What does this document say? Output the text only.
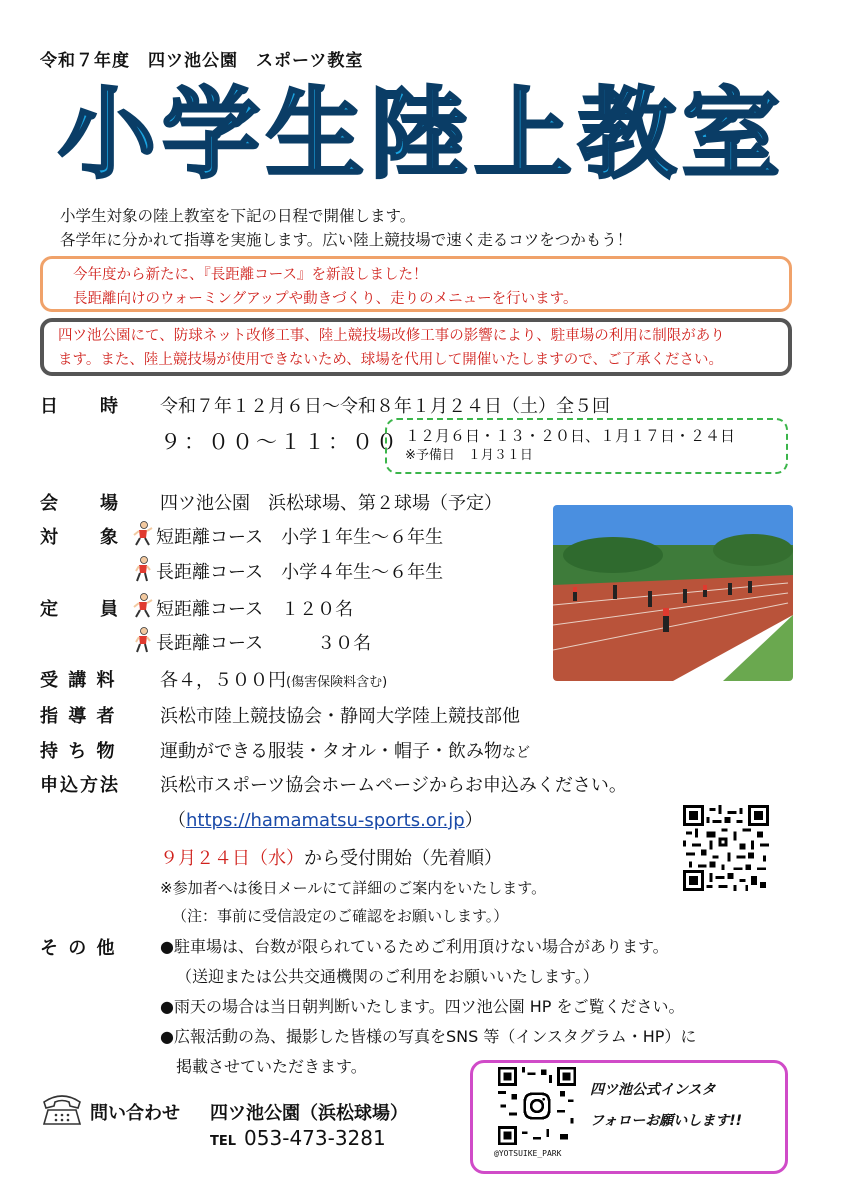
令和７年度　四ツ池公園　スポーツ教室
小学生陸上教室
小学生対象の陸上教室を下記の日程で開催します。
各学年に分かれて指導を実施します。広い陸上競技場で速く走るコツをつかもう！
今年度から新たに、『長距離コース』を新設しました！
長距離向けのウォーミングアップや動きづくり、走りのメニューを行います。
四ツ池公園にて、防球ネット改修工事、陸上競技場改修工事の影響により、駐車場の利用に制限があり
ます。また、陸上競技場が使用できないため、球場を代用して開催いたしますので、ご了承ください。
日　　時 令和７年１２月６日～令和８年１月２４日（土）全５回
９：００～１１：００ １２月６日・１３・２０日、１月１７日・２４日
※予備日　１月３１日
会　　場 四ツ池公園　浜松球場、第２球場（予定）
対　　象	短距離コース　小学１年生～６年生
長距離コース　小学４年生～６年生
定　　員	短距離コース　１２０名
長距離コース　　　３０名
受 講 料 各４，５００円(傷害保険料含む)
指 導 者 浜松市陸上競技協会・静岡大学陸上競技部他
持 ち 物 運動ができる服装・タオル・帽子・飲み物など
申込方法 浜松市スポーツ協会ホームページからお申込みください。
（https://hamamatsu-sports.or.jp）
９月２４日（水）から受付開始（先着順）
※参加者へは後日メールにて詳細のご案内をいたします。
（注：事前に受信設定のご確認をお願いします。）
そ の 他	●駐車場は、台数が限られているためご利用頂けない場合があります。
（送迎または公共交通機関のご利用をお願いいたします。）
●雨天の場合は当日朝判断いたします。四ツ池公園 HP をご覧ください。
●広報活動の為、撮影した皆様の写真をSNS 等（インスタグラム・HP）に
掲載させていただきます。
問い合わせ 四ツ池公園（浜松球場）
TEL 053-473-3281
@YOTSUIKE_PARK
四ツ池公式インスタ
フォローお願いします!!
